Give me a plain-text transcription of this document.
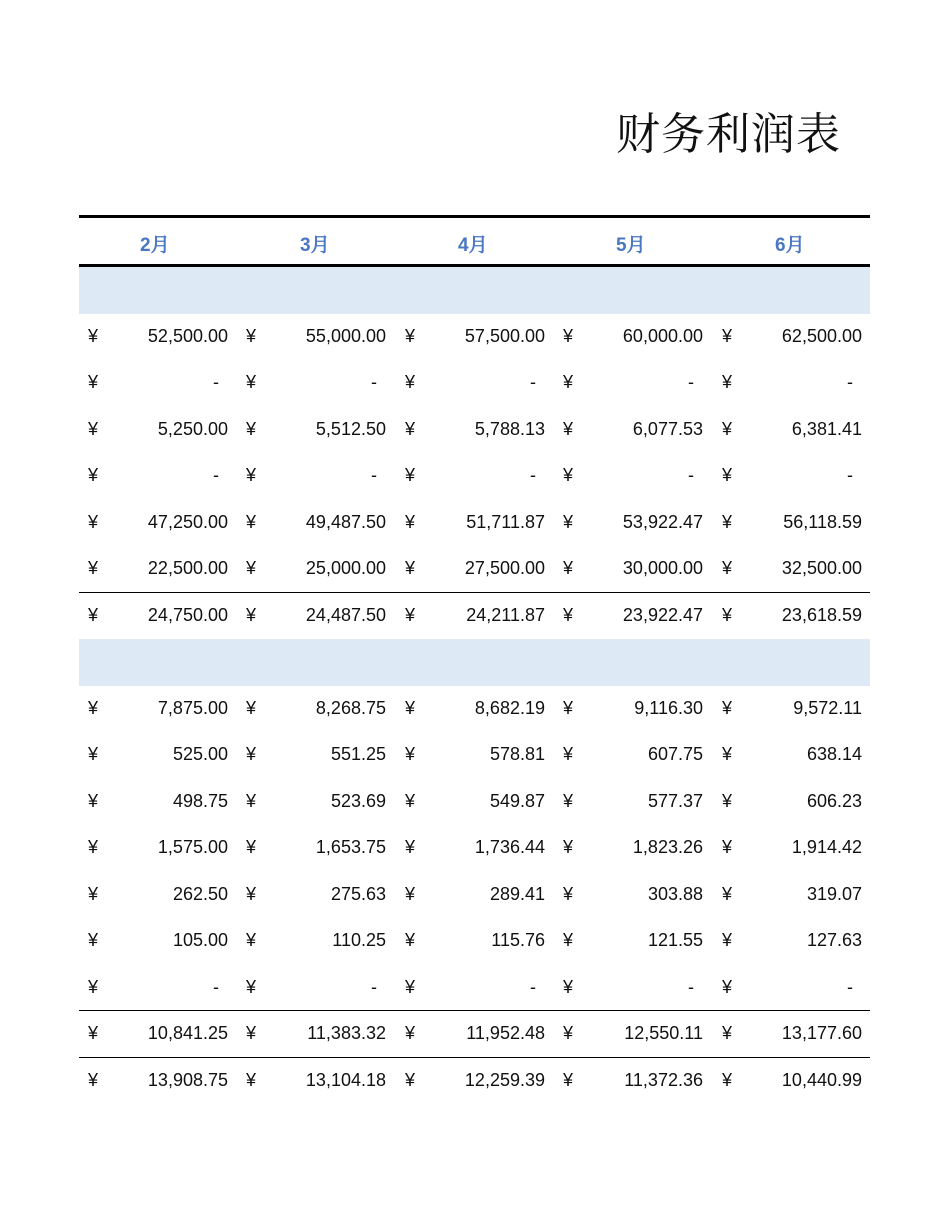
财务利润表
2月	3月	4月	5月	6月
¥	52,500.00 ¥	55,000.00 ¥	57,500.00 ¥	60,000.00 ¥	62,500.00
¥	- ¥	- ¥	- ¥	- ¥	-
¥	5,250.00 ¥	5,512.50 ¥	5,788.13 ¥	6,077.53 ¥	6,381.41
¥	- ¥	- ¥	- ¥	- ¥	-
¥	47,250.00 ¥	49,487.50 ¥	51,711.87 ¥	53,922.47 ¥	56,118.59
¥	22,500.00 ¥	25,000.00 ¥	27,500.00 ¥	30,000.00 ¥	32,500.00
¥	24,750.00 ¥	24,487.50 ¥	24,211.87 ¥	23,922.47 ¥	23,618.59
¥	7,875.00 ¥	8,268.75 ¥	8,682.19 ¥	9,116.30 ¥	9,572.11
¥	525.00 ¥	551.25 ¥	578.81 ¥	607.75 ¥	638.14
¥	498.75 ¥	523.69 ¥	549.87 ¥	577.37 ¥	606.23
¥	1,575.00 ¥	1,653.75 ¥	1,736.44 ¥	1,823.26 ¥	1,914.42
¥	262.50 ¥	275.63 ¥	289.41 ¥	303.88 ¥	319.07
¥	105.00 ¥	110.25 ¥	115.76 ¥	121.55 ¥	127.63
¥	- ¥	- ¥	- ¥	- ¥	-
¥	10,841.25 ¥	11,383.32 ¥	11,952.48 ¥	12,550.11 ¥	13,177.60
¥	13,908.75 ¥	13,104.18 ¥	12,259.39 ¥	11,372.36 ¥	10,440.99
